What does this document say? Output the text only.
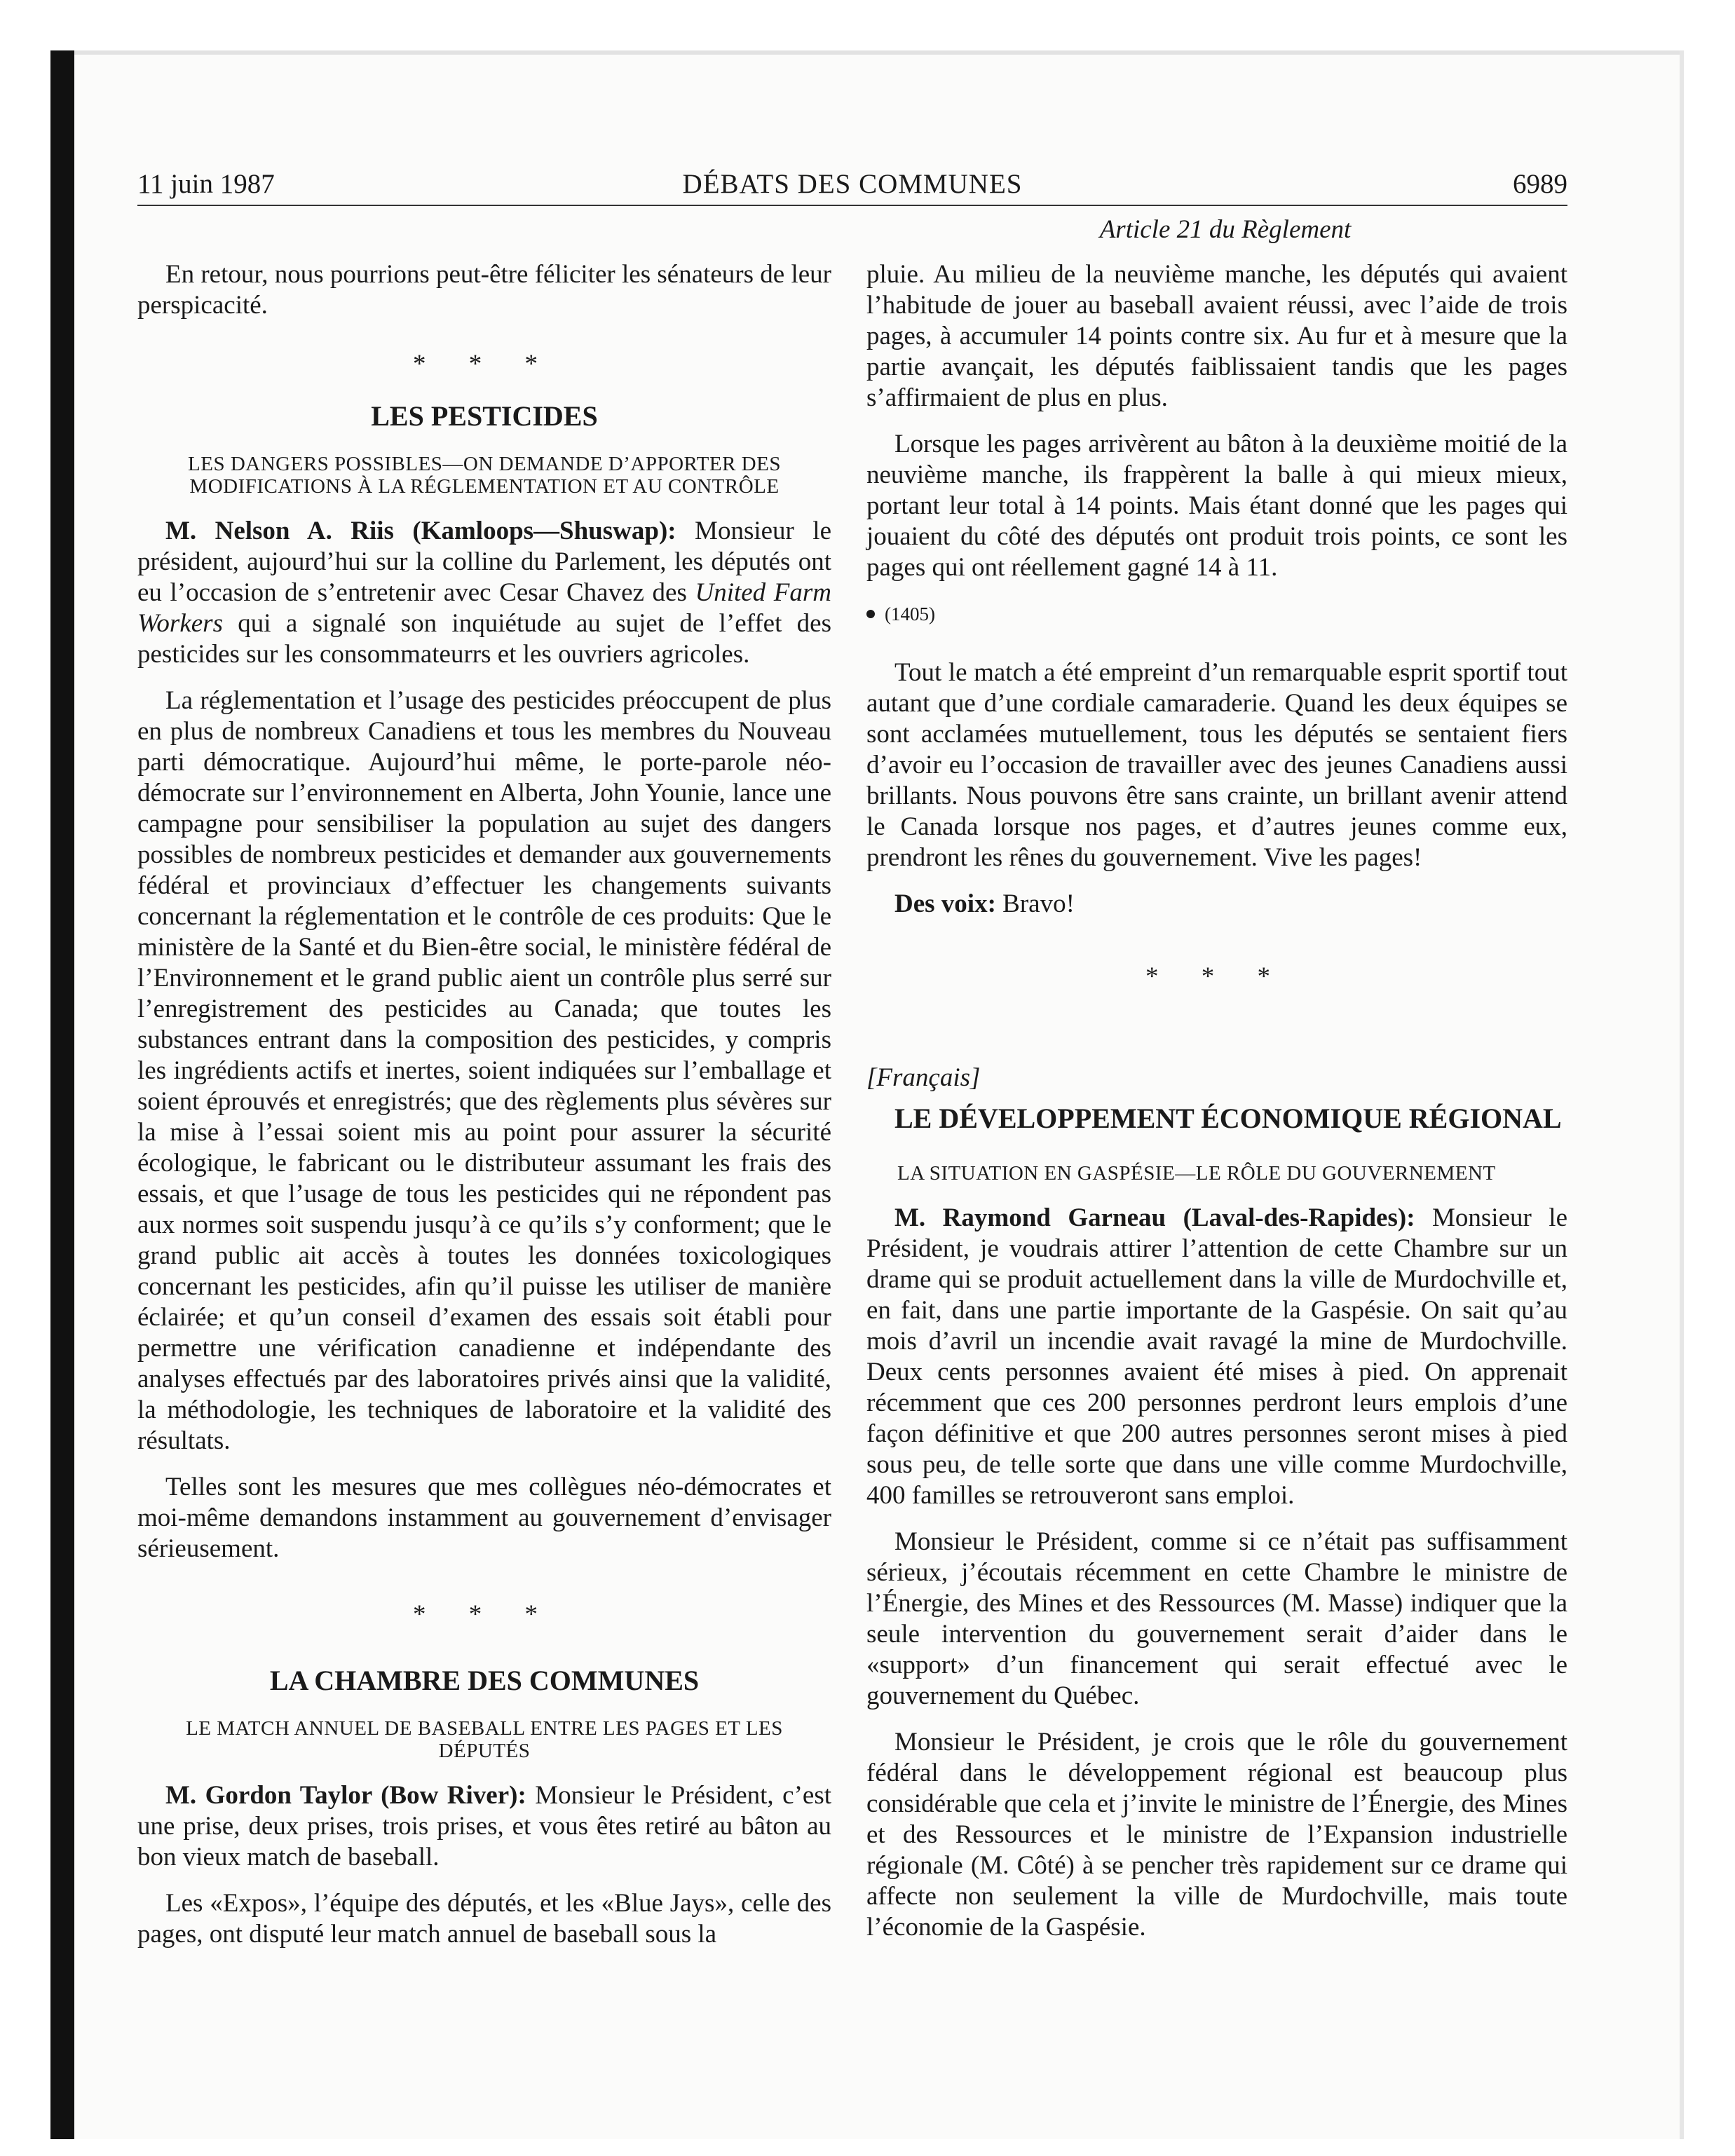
11 juin 1987	DÉBATS DES COMMUNES	6989
Article 21 du Règlement

En retour, nous pourrions peut-être féliciter les sénateurs de leur perspicacité.

* * *
LES PESTICIDES
LES DANGERS POSSIBLES—ON DEMANDE D’APPORTER DES MODIFICATIONS À LA RÉGLEMENTATION ET AU CONTRÔLE

M. Nelson A. Riis (Kamloops—Shuswap): Monsieur le président, aujourd’hui sur la colline du Parlement, les députés ont eu l’occasion de s’entretenir avec Cesar Chavez des United Farm Workers qui a signalé son inquiétude au sujet de l’effet des pesticides sur les consommateurrs et les ouvriers agricoles.

La réglementation et l’usage des pesticides préoccupent de plus en plus de nombreux Canadiens et tous les membres du Nouveau parti démocratique. Aujourd’hui même, le porte-parole néo-démocrate sur l’environnement en Alberta, John Younie, lance une campagne pour sensibiliser la population au sujet des dangers possibles de nombreux pesticides et demander aux gouvernements fédéral et provinciaux d’effectuer les changements suivants concernant la réglementation et le contrôle de ces produits: Que le ministère de la Santé et du Bien-être social, le ministère fédéral de l’Environnement et le grand public aient un contrôle plus serré sur l’enregistrement des pesticides au Canada; que toutes les substances entrant dans la composition des pesticides, y compris les ingrédients actifs et inertes, soient indiquées sur l’emballage et soient éprouvés et enregistrés; que des règlements plus sévères sur la mise à l’essai soient mis au point pour assurer la sécurité écologique, le fabricant ou le distributeur assumant les frais des essais, et que l’usage de tous les pesticides qui ne répondent pas aux normes soit suspendu jusqu’à ce qu’ils s’y conforment; que le grand public ait accès à toutes les données toxicologiques concernant les pesticides, afin qu’il puisse les utiliser de manière éclairée; et qu’un conseil d’examen des essais soit établi pour permettre une vérification canadienne et indépendante des analyses effectués par des laboratoires privés ainsi que la validité, la méthodologie, les techniques de laboratoire et la validité des résultats.

Telles sont les mesures que mes collègues néo-démocrates et moi-même demandons instamment au gouvernement d’envisager sérieusement.

* * *
LA CHAMBRE DES COMMUNES
LE MATCH ANNUEL DE BASEBALL ENTRE LES PAGES ET LES DÉPUTÉS

M. Gordon Taylor (Bow River): Monsieur le Président, c’est une prise, deux prises, trois prises, et vous êtes retiré au bâton au bon vieux match de baseball.

Les «Expos», l’équipe des députés, et les «Blue Jays», celle des pages, ont disputé leur match annuel de baseball sous la

pluie. Au milieu de la neuvième manche, les députés qui avaient l’habitude de jouer au baseball avaient réussi, avec l’aide de trois pages, à accumuler 14 points contre six. Au fur et à mesure que la partie avançait, les députés faiblissaient tandis que les pages s’affirmaient de plus en plus.

Lorsque les pages arrivèrent au bâton à la deuxième moitié de la neuvième manche, ils frappèrent la balle à qui mieux mieux, portant leur total à 14 points. Mais étant donné que les pages qui jouaient du côté des députés ont produit trois points, ce sont les pages qui ont réellement gagné 14 à 11.

(1405)

Tout le match a été empreint d’un remarquable esprit sportif tout autant que d’une cordiale camaraderie. Quand les deux équipes se sont acclamées mutuellement, tous les députés se sentaient fiers d’avoir eu l’occasion de travailler avec des jeunes Canadiens aussi brillants. Nous pouvons être sans crainte, un brillant avenir attend le Canada lorsque nos pages, et d’autres jeunes comme eux, prendront les rênes du gouvernement. Vive les pages!

Des voix: Bravo!

* * *
[Français]
LE DÉVELOPPEMENT ÉCONOMIQUE RÉGIONAL
LA SITUATION EN GASPÉSIE—LE RÔLE DU GOUVERNEMENT

M. Raymond Garneau (Laval-des-Rapides): Monsieur le Président, je voudrais attirer l’attention de cette Chambre sur un drame qui se produit actuellement dans la ville de Murdochville et, en fait, dans une partie importante de la Gaspésie. On sait qu’au mois d’avril un incendie avait ravagé la mine de Murdochville. Deux cents personnes avaient été mises à pied. On apprenait récemment que ces 200 personnes perdront leurs emplois d’une façon définitive et que 200 autres personnes seront mises à pied sous peu, de telle sorte que dans une ville comme Murdochville, 400 familles se retrouveront sans emploi.

Monsieur le Président, comme si ce n’était pas suffisamment sérieux, j’écoutais récemment en cette Chambre le ministre de l’Énergie, des Mines et des Ressources (M. Masse) indiquer que la seule intervention du gouvernement serait d’aider dans le «support» d’un financement qui serait effectué avec le gouvernement du Québec.

Monsieur le Président, je crois que le rôle du gouvernement fédéral dans le développement régional est beaucoup plus considérable que cela et j’invite le ministre de l’Énergie, des Mines et des Ressources et le ministre de l’Expansion industrielle régionale (M. Côté) à se pencher très rapidement sur ce drame qui affecte non seulement la ville de Murdochville, mais toute l’économie de la Gaspésie.
